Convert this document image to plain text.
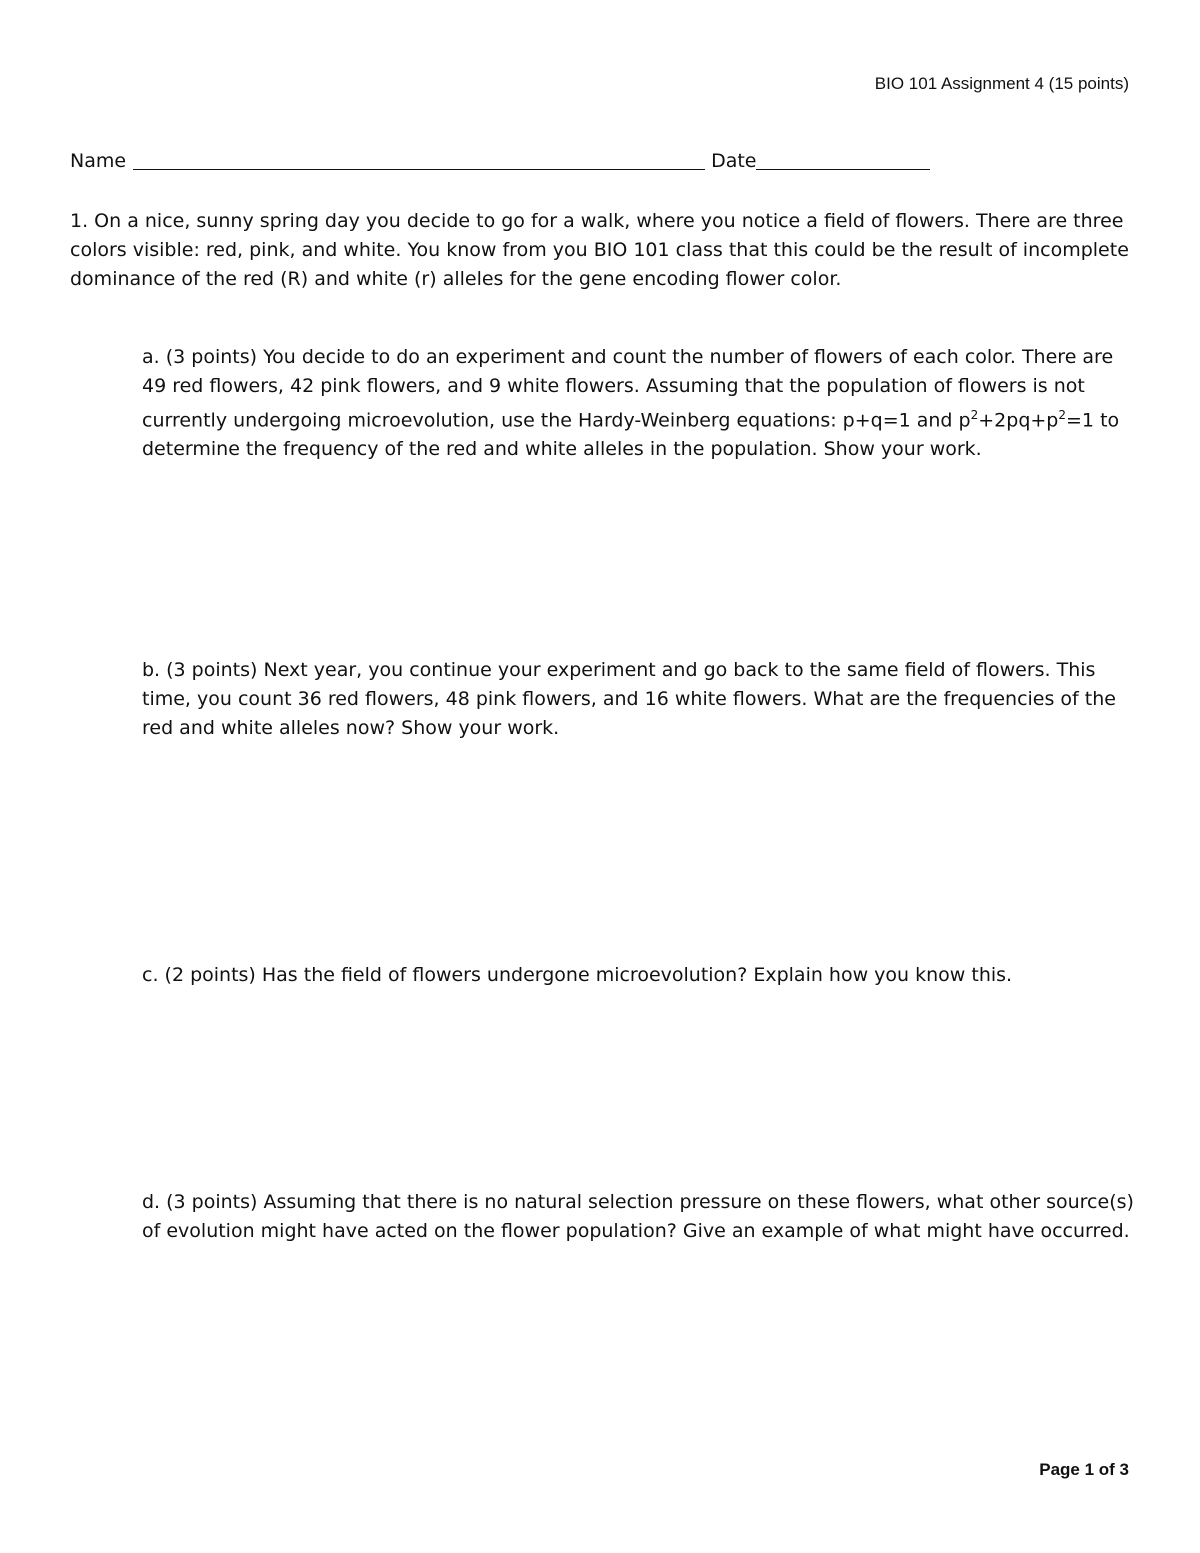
BIO 101 Assignment 4 (15 points)
Name	Date

1. On a nice, sunny spring day you decide to go for a walk, where you notice a field of flowers. There are three colors visible: red, pink, and white. You know from you BIO 101 class that this could be the result of incomplete dominance of the red (R) and white (r) alleles for the gene encoding flower color.

a. (3 points) You decide to do an experiment and count the number of flowers of each color. There are 49 red flowers, 42 pink flowers, and 9 white flowers. Assuming that the population of flowers is not currently undergoing microevolution, use the Hardy-Weinberg equations: p+q=1 and $p^2+2pq+p^2=1$ to determine the frequency of the red and white alleles in the population. Show your work.

b. (3 points) Next year, you continue your experiment and go back to the same field of flowers. This time, you count 36 red flowers, 48 pink flowers, and 16 white flowers. What are the frequencies of the red and white alleles now? Show your work.

c. (2 points) Has the field of flowers undergone microevolution? Explain how you know this.

d. (3 points) Assuming that there is no natural selection pressure on these flowers, what other source(s) of evolution might have acted on the flower population? Give an example of what might have occurred.

Page 1 of 3
